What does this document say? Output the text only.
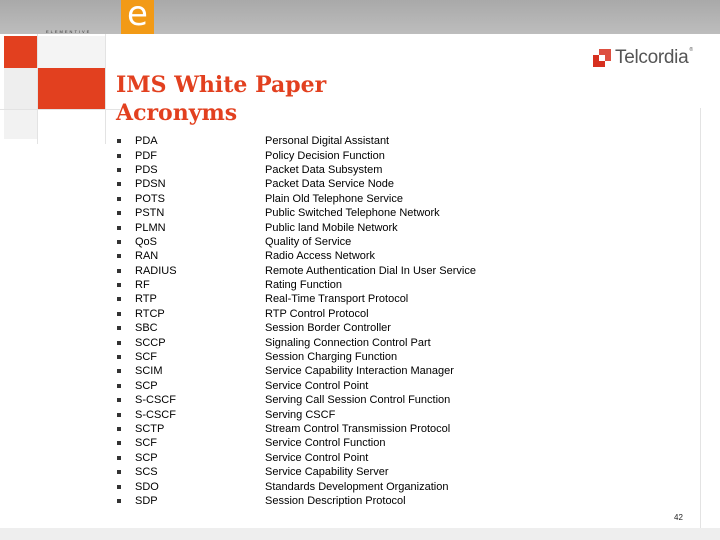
e
ELEMENTIVE
Telcordia®
IMS White Paper
Acronyms
PDA	Personal Digital Assistant
PDF	Policy Decision Function
PDS	Packet Data Subsystem
PDSN	Packet Data Service Node
POTS	Plain Old Telephone Service
PSTN	Public Switched Telephone Network
PLMN	Public land Mobile Network
QoS	Quality of Service
RAN	Radio Access Network
RADIUS	Remote Authentication Dial In User Service
RF	Rating Function
RTP	Real-Time Transport Protocol
RTCP	RTP Control Protocol
SBC	Session Border Controller
SCCP	Signaling Connection Control Part
SCF	Session Charging Function
SCIM	Service Capability Interaction Manager
SCP	Service Control Point
S-CSCF	Serving Call Session Control Function
S-CSCF	Serving CSCF
SCTP	Stream Control Transmission Protocol
SCF	Service Control Function
SCP	Service Control Point
SCS	Service Capability Server
SDO	Standards Development Organization
SDP	Session Description Protocol
42
